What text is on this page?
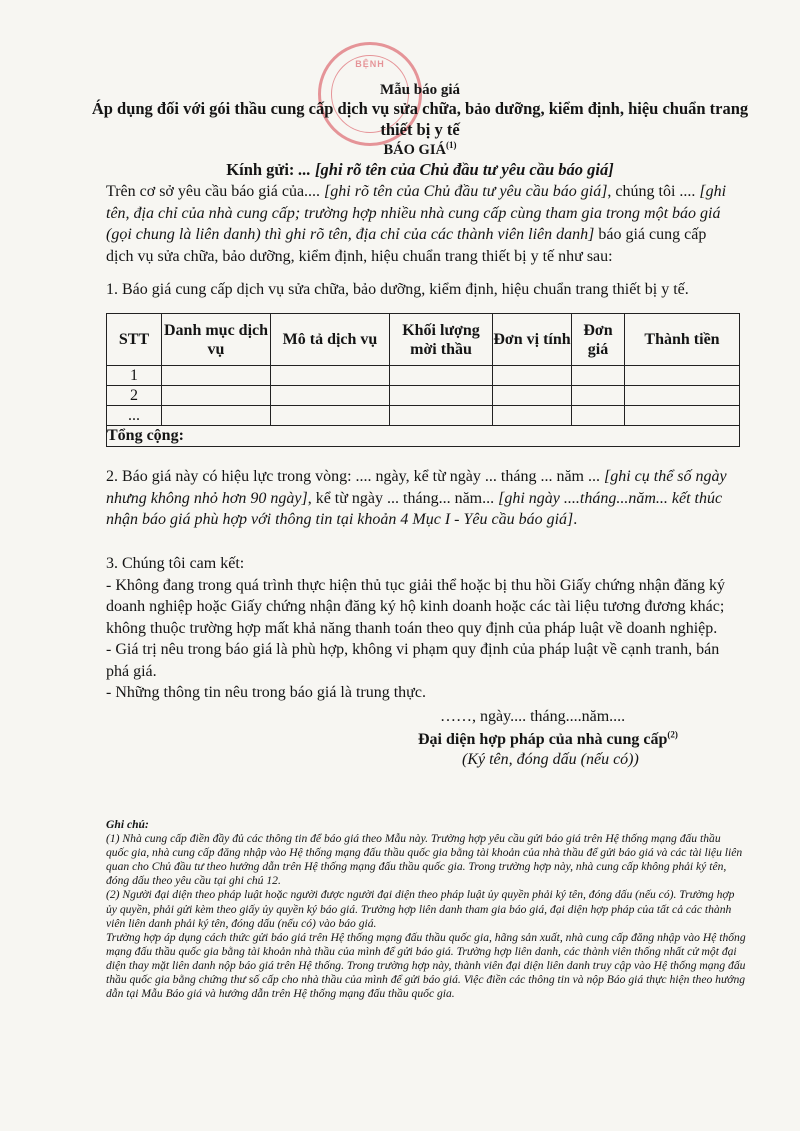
BỆNH
Mẫu báo giá
Áp dụng đối với gói thầu cung cấp dịch vụ sửa chữa, bảo dưỡng, kiểm định, hiệu chuẩn trang thiết bị y tế
BÁO GIÁ$^{(1)}$
Kính gửi: ... [ghi rõ tên của Chủ đầu tư yêu cầu báo giá]

Trên cơ sở yêu cầu báo giá của.... [ghi rõ tên của Chủ đầu tư yêu cầu báo giá], chúng tôi .... [ghi tên, địa chỉ của nhà cung cấp; trường hợp nhiều nhà cung cấp cùng tham gia trong một báo giá (gọi chung là liên danh) thì ghi rõ tên, địa chỉ của các thành viên liên danh] báo giá cung cấp dịch vụ sửa chữa, bảo dưỡng, kiểm định, hiệu chuẩn trang thiết bị y tế như sau:

1. Báo giá cung cấp dịch vụ sửa chữa, bảo dưỡng, kiểm định, hiệu chuẩn trang thiết bị y tế.

STT	Danh mục dịch vụ	Mô tả dịch vụ	Khối lượng mời thầu	Đơn vị tính	Đơn giá	Thành tiền
1						
2						
...						
Tổng cộng:						

2. Báo giá này có hiệu lực trong vòng: .... ngày, kể từ ngày ... tháng ... năm ... [ghi cụ thể số ngày nhưng không nhỏ hơn 90 ngày], kể từ ngày ... tháng... năm... [ghi ngày ....tháng...năm... kết thúc nhận báo giá phù hợp với thông tin tại khoản 4 Mục I - Yêu cầu báo giá].

3. Chúng tôi cam kết:
- Không đang trong quá trình thực hiện thủ tục giải thể hoặc bị thu hồi Giấy chứng nhận đăng ký doanh nghiệp hoặc Giấy chứng nhận đăng ký hộ kinh doanh hoặc các tài liệu tương đương khác; không thuộc trường hợp mất khả năng thanh toán theo quy định của pháp luật về doanh nghiệp.
- Giá trị nêu trong báo giá là phù hợp, không vi phạm quy định của pháp luật về cạnh tranh, bán phá giá.
- Những thông tin nêu trong báo giá là trung thực.
……, ngày.... tháng....năm....
Đại diện hợp pháp của nhà cung cấp$^{(2)}$
(Ký tên, đóng dấu (nếu có))

Ghi chú:

(1) Nhà cung cấp điền đầy đủ các thông tin để báo giá theo Mẫu này. Trường hợp yêu cầu gửi báo giá trên Hệ thống mạng đấu thầu quốc gia, nhà cung cấp đăng nhập vào Hệ thống mạng đấu thầu quốc gia bằng tài khoản của nhà thầu để gửi báo giá và các tài liệu liên quan cho Chủ đầu tư theo hướng dẫn trên Hệ thống mạng đấu thầu quốc gia. Trong trường hợp này, nhà cung cấp không phải ký tên, đóng dấu theo yêu cầu tại ghi chú 12.

(2) Người đại diện theo pháp luật hoặc người được người đại diện theo pháp luật ủy quyền phải ký tên, đóng dấu (nếu có). Trường hợp ủy quyền, phải gửi kèm theo giấy ủy quyền ký báo giá. Trường hợp liên danh tham gia báo giá, đại diện hợp pháp của tất cả các thành viên liên danh phải ký tên, đóng dấu (nếu có) vào báo giá.

Trường hợp áp dụng cách thức gửi báo giá trên Hệ thống mạng đấu thầu quốc gia, hãng sản xuất, nhà cung cấp đăng nhập vào Hệ thống mạng đấu thầu quốc gia bằng tài khoản nhà thầu của mình để gửi báo giá. Trường hợp liên danh, các thành viên thống nhất cử một đại diện thay mặt liên danh nộp báo giá trên Hệ thống. Trong trường hợp này, thành viên đại diện liên danh truy cập vào Hệ thống mạng đấu thầu quốc gia bằng chứng thư số cấp cho nhà thầu của mình để gửi báo giá. Việc điền các thông tin và nộp Báo giá thực hiện theo hướng dẫn tại Mẫu Báo giá và hướng dẫn trên Hệ thống mạng đấu thầu quốc gia.
